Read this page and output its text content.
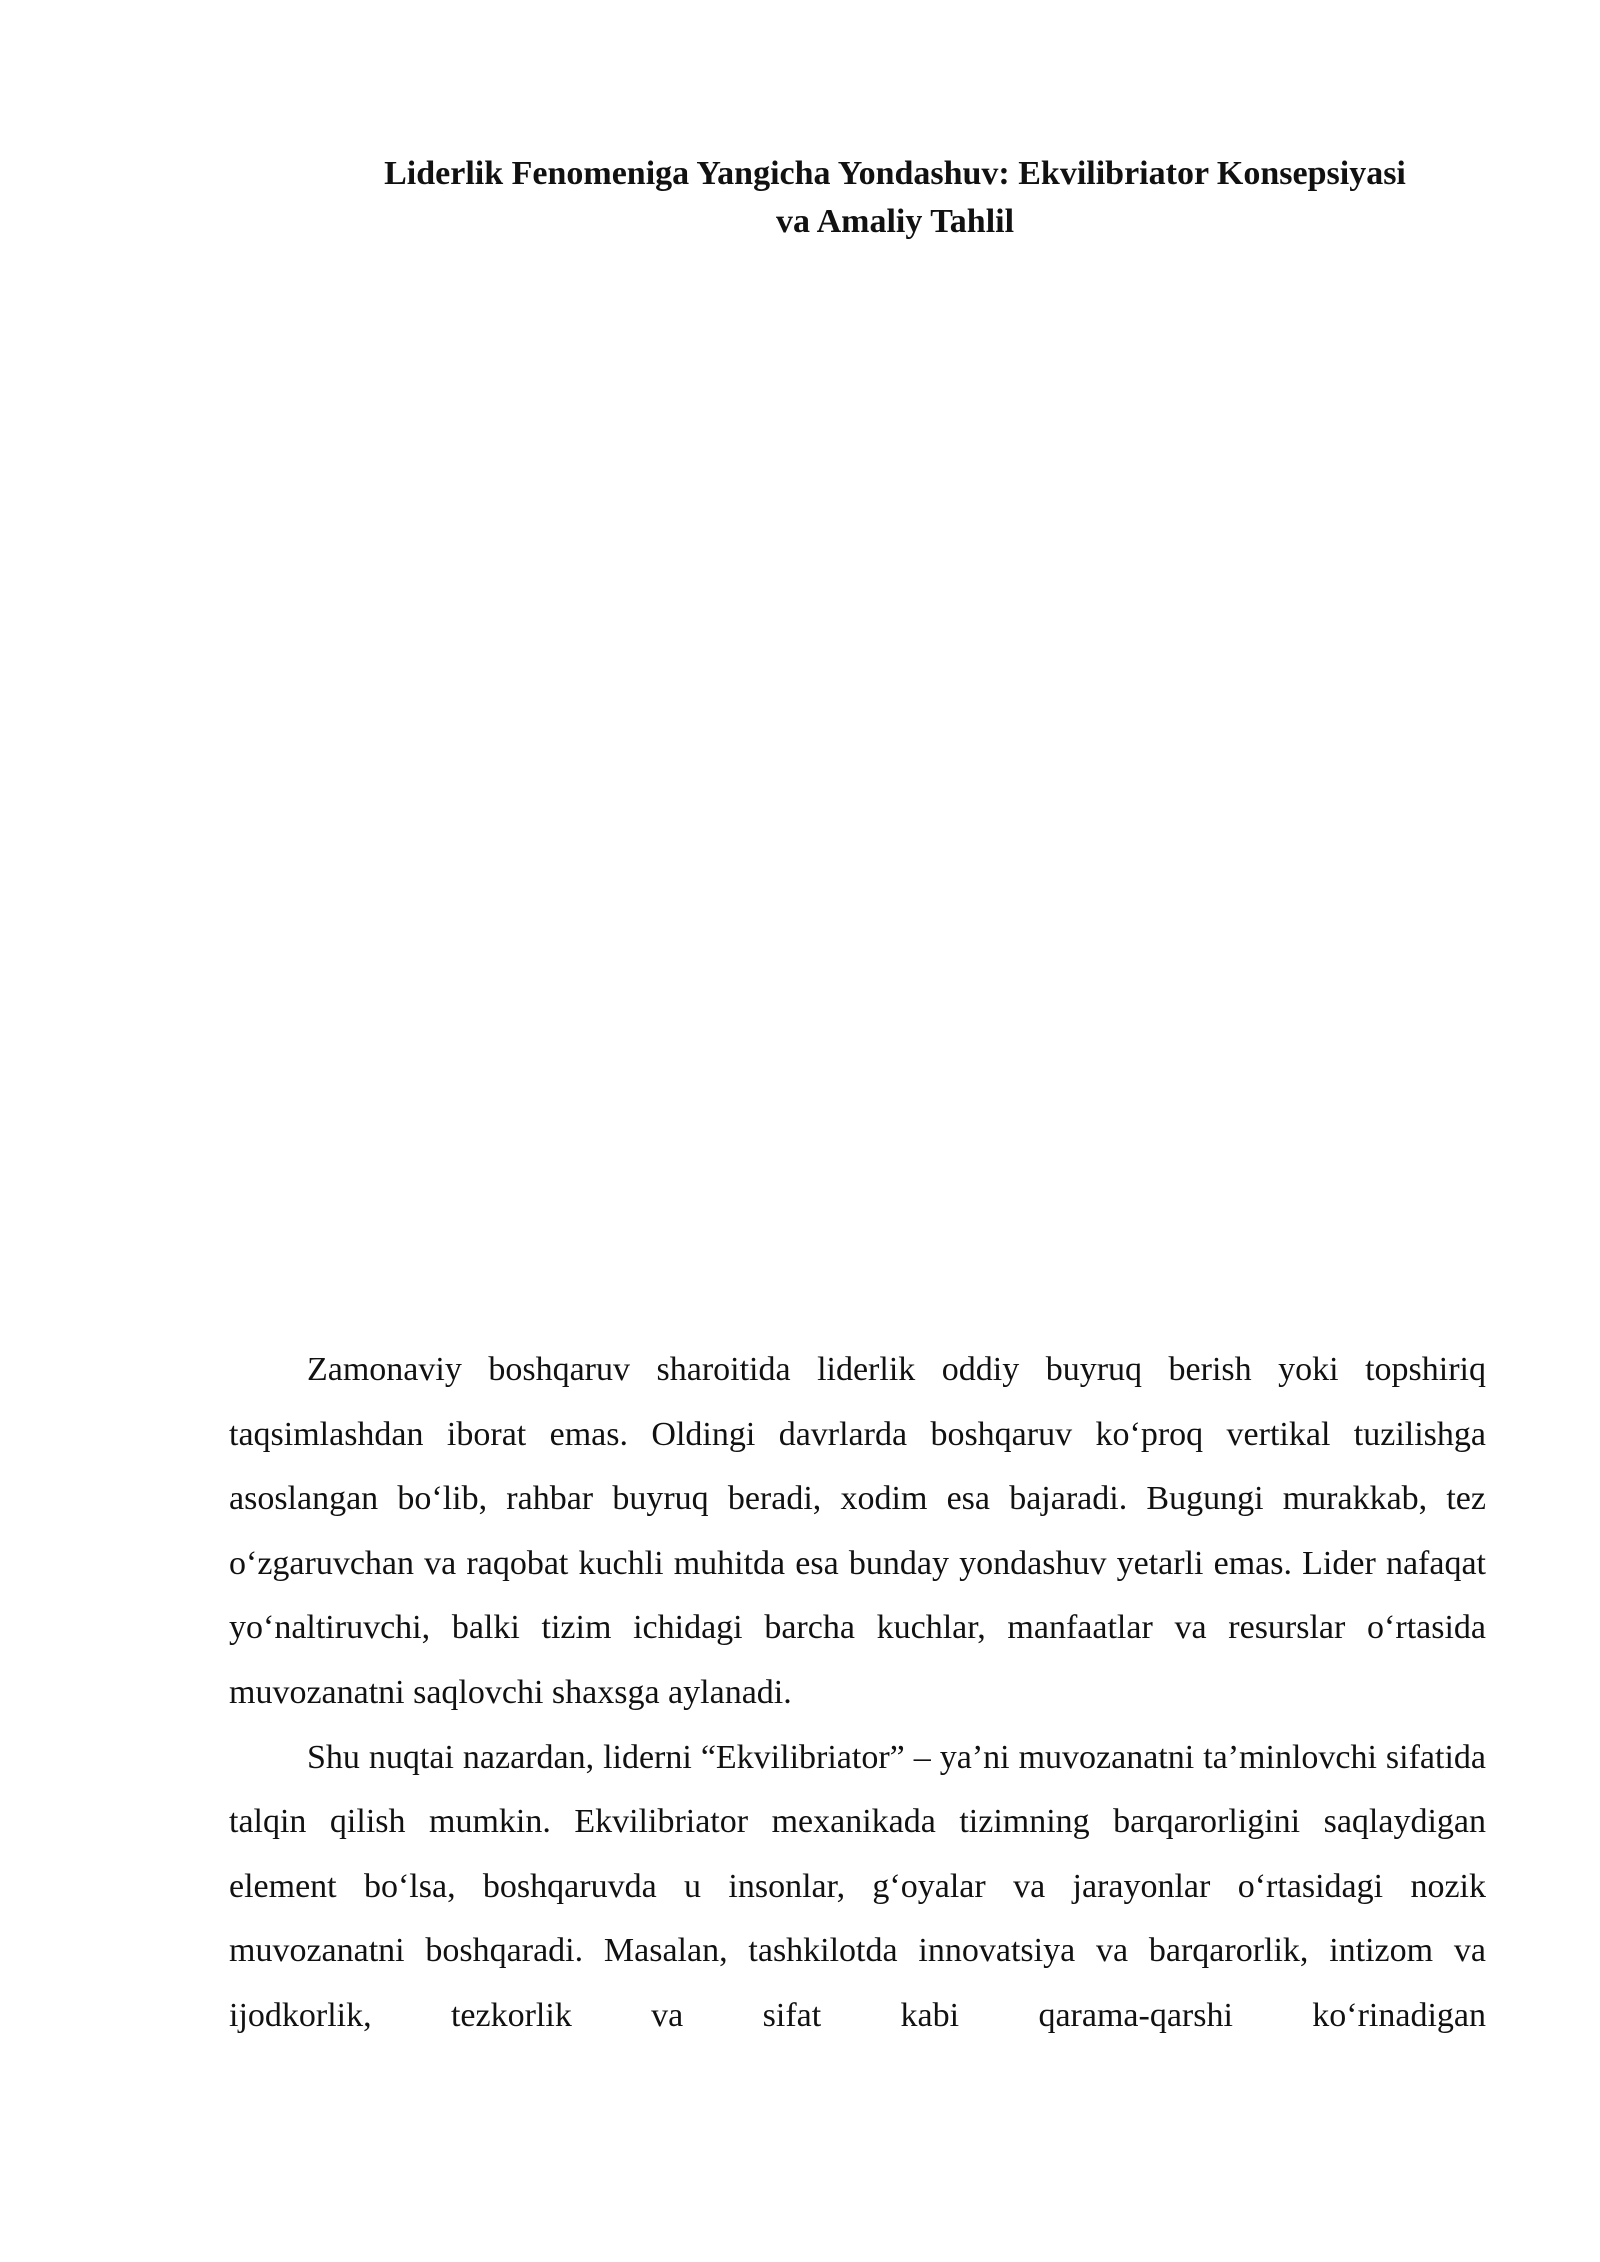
Liderlik Fenomeniga Yangicha Yondashuv: Ekvilibriator Konsepsiyasi
va Amaliy Tahlil

Zamonaviy boshqaruv sharoitida liderlik oddiy buyruq berish yoki topshiriq taqsimlashdan iborat emas. Oldingi davrlarda boshqaruv ko‘proq vertikal tuzilishga asoslangan bo‘lib, rahbar buyruq beradi, xodim esa bajaradi. Bugungi murakkab, tez o‘zgaruvchan va raqobat kuchli muhitda esa bunday yondashuv yetarli emas. Lider nafaqat yo‘naltiruvchi, balki tizim ichidagi barcha kuchlar, manfaatlar va resurslar o‘rtasida muvozanatni saqlovchi shaxsga aylanadi.

Shu nuqtai nazardan, liderni “Ekvilibriator” – ya’ni muvozanatni ta’minlovchi sifatida talqin qilish mumkin. Ekvilibriator mexanikada tizimning barqarorligini saqlaydigan element bo‘lsa, boshqaruvda u insonlar, g‘oyalar va jarayonlar o‘rtasidagi nozik muvozanatni boshqaradi. Masalan, tashkilotda innovatsiya va barqarorlik, intizom va ijodkorlik, tezkorlik va sifat kabi qarama-qarshi ko‘rinadigan
